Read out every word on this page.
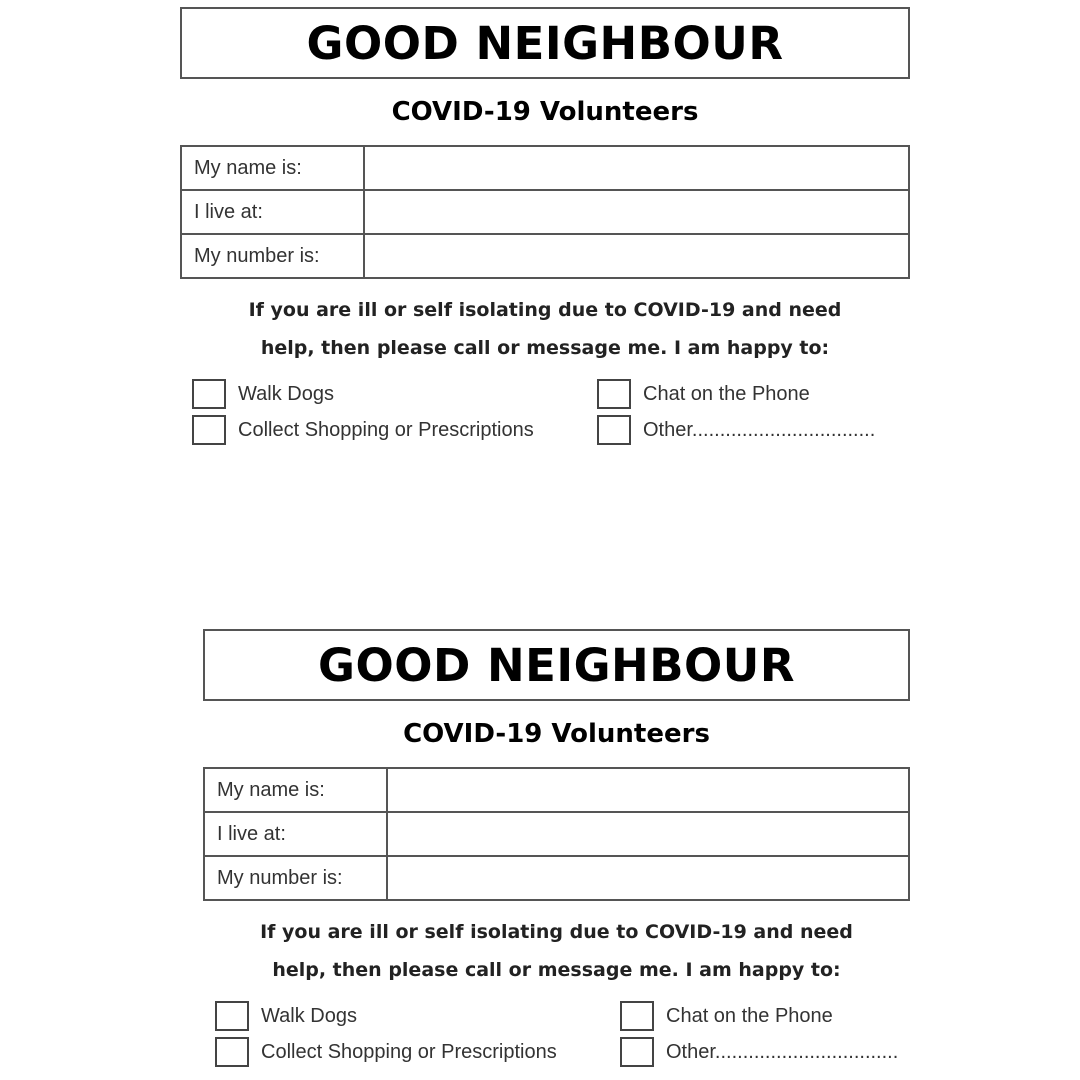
GOOD NEIGHBOUR
COVID-19 Volunteers
My name is:	
I live at:	
My number is:	
If you are ill or self isolating due to COVID-19 and need
help, then please call or message me. I am happy to:
Walk Dogs	Chat on the Phone
Collect Shopping or Prescriptions	Other.................................
GOOD NEIGHBOUR
COVID-19 Volunteers
My name is:	
I live at:	
My number is:	
If you are ill or self isolating due to COVID-19 and need
help, then please call or message me. I am happy to:
Walk Dogs	Chat on the Phone
Collect Shopping or Prescriptions	Other.................................
